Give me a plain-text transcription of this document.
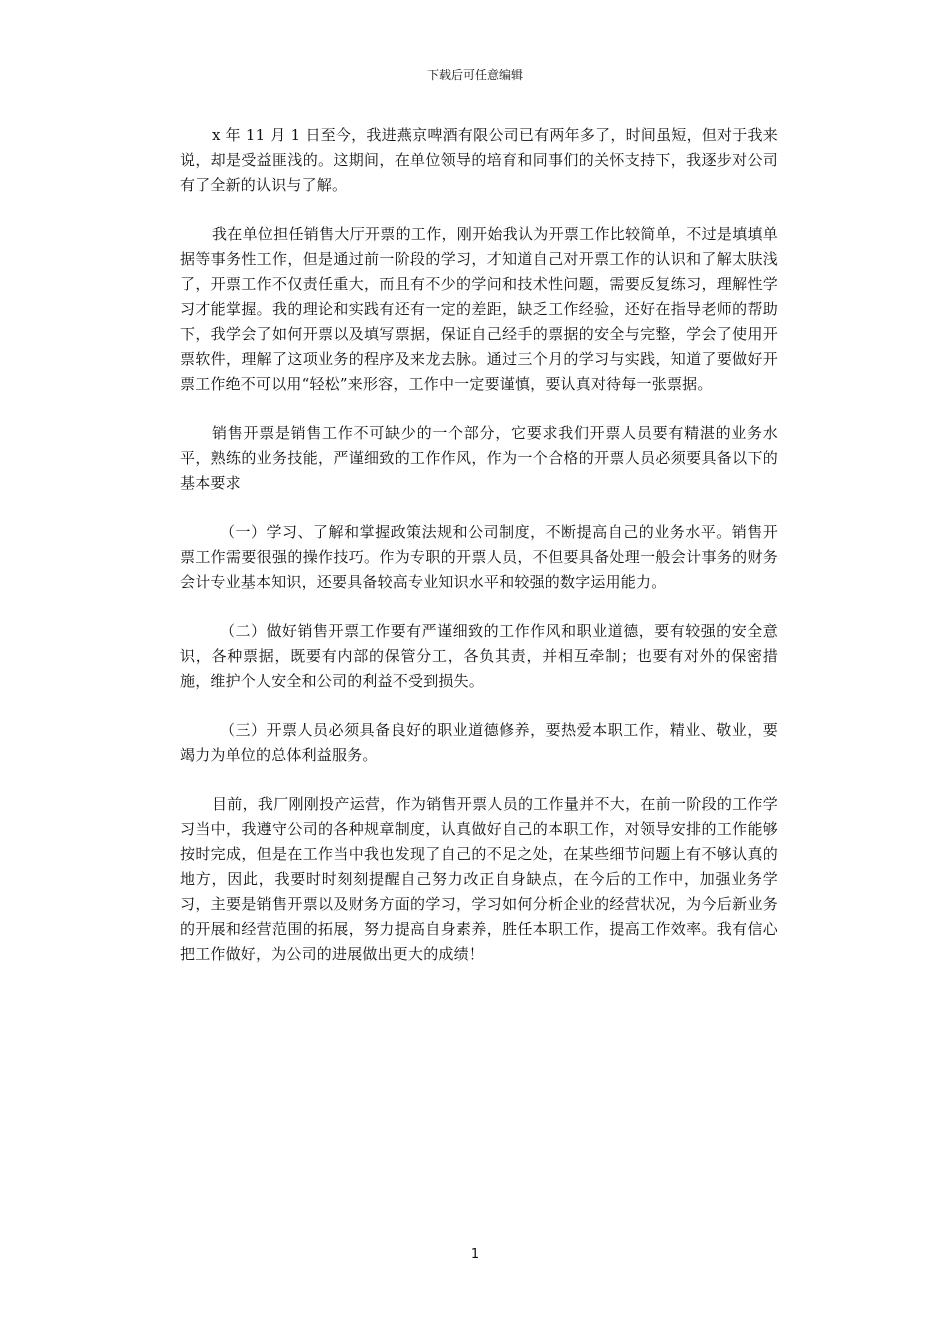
下载后可任意编辑

x 年 11 月 1 日至今，我进燕京啤酒有限公司已有两年多了，时间虽短，但对于我来说，却是受益匪浅的。这期间，在单位领导的培育和同事们的关怀支持下，我逐步对公司有了全新的认识与了解。

我在单位担任销售大厅开票的工作，刚开始我认为开票工作比较简单，不过是填填单据等事务性工作，但是通过前一阶段的学习，才知道自己对开票工作的认识和了解太肤浅了，开票工作不仅责任重大，而且有不少的学问和技术性问题，需要反复练习，理解性学习才能掌握。我的理论和实践有还有一定的差距，缺乏工作经验，还好在指导老师的帮助下，我学会了如何开票以及填写票据，保证自己经手的票据的安全与完整，学会了使用开票软件，理解了这项业务的程序及来龙去脉。通过三个月的学习与实践，知道了要做好开票工作绝不可以用“轻松”来形容，工作中一定要谨慎，要认真对待每一张票据。

销售开票是销售工作不可缺少的一个部分，它要求我们开票人员要有精湛的业务水平，熟练的业务技能，严谨细致的工作作风，作为一个合格的开票人员必须要具备以下的基本要求

（一）学习、了解和掌握政策法规和公司制度，不断提高自己的业务水平。销售开票工作需要很强的操作技巧。作为专职的开票人员，不但要具备处理一般会计事务的财务会计专业基本知识，还要具备较高专业知识水平和较强的数字运用能力。

（二）做好销售开票工作要有严谨细致的工作作风和职业道德，要有较强的安全意识，各种票据，既要有内部的保管分工，各负其责，并相互牵制；也要有对外的保密措施，维护个人安全和公司的利益不受到损失。

（三）开票人员必须具备良好的职业道德修养，要热爱本职工作，精业、敬业，要竭力为单位的总体利益服务。

目前，我厂刚刚投产运营，作为销售开票人员的工作量并不大，在前一阶段的工作学习当中，我遵守公司的各种规章制度，认真做好自己的本职工作，对领导安排的工作能够按时完成，但是在工作当中我也发现了自己的不足之处，在某些细节问题上有不够认真的地方，因此，我要时时刻刻提醒自己努力改正自身缺点，在今后的工作中，加强业务学习，主要是销售开票以及财务方面的学习，学习如何分析企业的经营状况，为今后新业务的开展和经营范围的拓展，努力提高自身素养，胜任本职工作，提高工作效率。我有信心把工作做好，为公司的进展做出更大的成绩！

1
